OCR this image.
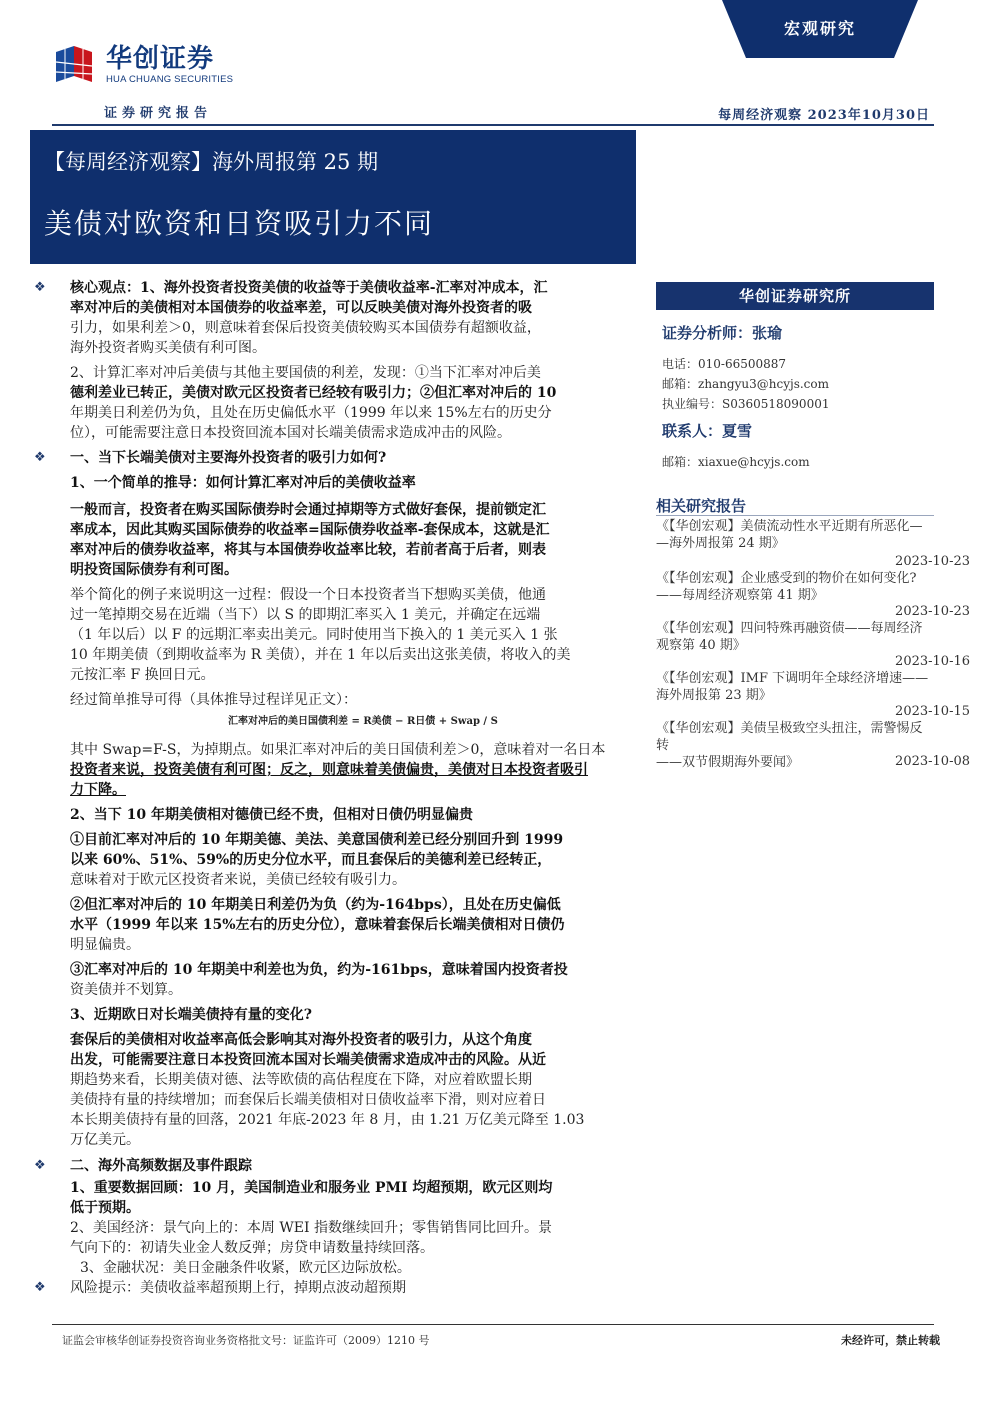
华创证券
HUA CHUANG SECURITIES
证券研究报告
宏观研究
每周经济观察 2023年10月30日
【每周经济观察】海外周报第 25 期
美债对欧资和日资吸引力不同
华创证券研究所
证券分析师：张瑜
电话：010-66500887
邮箱：zhangyu3@hcyjs.com
执业编号：S0360518090001
联系人：夏雪
邮箱：xiaxue@hcyjs.com
相关研究报告
《【华创宏观】美债流动性水平近期有所恶化—
—海外周报第 24 期》
2023-10-23
《【华创宏观】企业感受到的物价在如何变化?
——每周经济观察第 41 期》
2023-10-23
《【华创宏观】四问特殊再融资债——每周经济
观察第 40 期》
2023-10-16
《【华创宏观】IMF 下调明年全球经济增速——
海外周报第 23 期》
2023-10-15
《【华创宏观】美债呈极致空头扭注，需警惕反转
——双节假期海外要闻》	2023-10-08
❖ 核心观点：1、海外投资者投资美债的收益等于美债收益率-汇率对冲成本，汇
率对冲后的美债相对本国债券的收益率差，可以反映美债对海外投资者的吸
引力，如果利差＞0，则意味着套保后投资美债较购买本国债券有超额收益，
海外投资者购买美债有利可图。
2、计算汇率对冲后美债与其他主要国债的利差，发现：①当下汇率对冲后美
德利差业已转正，美债对欧元区投资者已经较有吸引力；②但汇率对冲后的 10
年期美日利差仍为负，且处在历史偏低水平（1999 年以来 15%左右的历史分
位），可能需要注意日本投资回流本国对长端美债需求造成冲击的风险。
❖ 一、当下长端美债对主要海外投资者的吸引力如何?
1、一个简单的推导：如何计算汇率对冲后的美债收益率
一般而言，投资者在购买国际债券时会通过掉期等方式做好套保，提前锁定汇
率成本，因此其购买国际债券的收益率=国际债券收益率-套保成本，这就是汇
率对冲后的债券收益率，将其与本国债券收益率比较，若前者高于后者，则表
明投资国际债券有利可图。
举个简化的例子来说明这一过程：假设一个日本投资者当下想购买美债，他通
过一笔掉期交易在近端（当下）以 S 的即期汇率买入 1 美元，并确定在远端
（1 年以后）以 F 的远期汇率卖出美元。同时使用当下换入的 1 美元买入 1 张
10 年期美债（到期收益率为 R 美债），并在 1 年以后卖出这张美债，将收入的美
元按汇率 F 换回日元。
经过简单推导可得（具体推导过程详见正文）：
汇率对冲后的美日国债利差 = R美债 − R日债 + Swap / S
其中 Swap=F-S，为掉期点。如果汇率对冲后的美日国债利差＞0，意味着对一名日本
投资者来说，投资美债有利可图；反之，则意味着美债偏贵，美债对日本投资者吸引
力下降。
2、当下 10 年期美债相对德债已经不贵，但相对日债仍明显偏贵
①目前汇率对冲后的 10 年期美德、美法、美意国债利差已经分别回升到 1999
以来 60%、51%、59%的历史分位水平，而且套保后的美德利差已经转正，
意味着对于欧元区投资者来说，美债已经较有吸引力。
②但汇率对冲后的 10 年期美日利差仍为负（约为-164bps），且处在历史偏低
水平（1999 年以来 15%左右的历史分位），意味着套保后长端美债相对日债仍
明显偏贵。
③汇率对冲后的 10 年期美中利差也为负，约为-161bps，意味着国内投资者投
资美债并不划算。
3、近期欧日对长端美债持有量的变化?
套保后的美债相对收益率高低会影响其对海外投资者的吸引力，从这个角度
出发，可能需要注意日本投资回流本国对长端美债需求造成冲击的风险。从近
期趋势来看，长期美债对德、法等欧债的高估程度在下降，对应着欧盟长期
美债持有量的持续增加；而套保后长端美债相对日债收益率下滑，则对应着日
本长期美债持有量的回落，2021 年底-2023 年 8 月，由 1.21 万亿美元降至 1.03
万亿美元。
❖ 二、海外高频数据及事件跟踪
1、重要数据回顾：10 月，美国制造业和服务业 PMI 均超预期，欧元区则均
低于预期。
2、美国经济：景气向上的：本周 WEI 指数继续回升；零售销售同比回升。景
气向下的：初请失业金人数反弹；房贷申请数量持续回落。
3、金融状况：美日金融条件收紧，欧元区边际放松。
❖ 风险提示：美债收益率超预期上行，掉期点波动超预期
证监会审核华创证券投资咨询业务资格批文号：证监许可（2009）1210 号	未经许可，禁止转载
